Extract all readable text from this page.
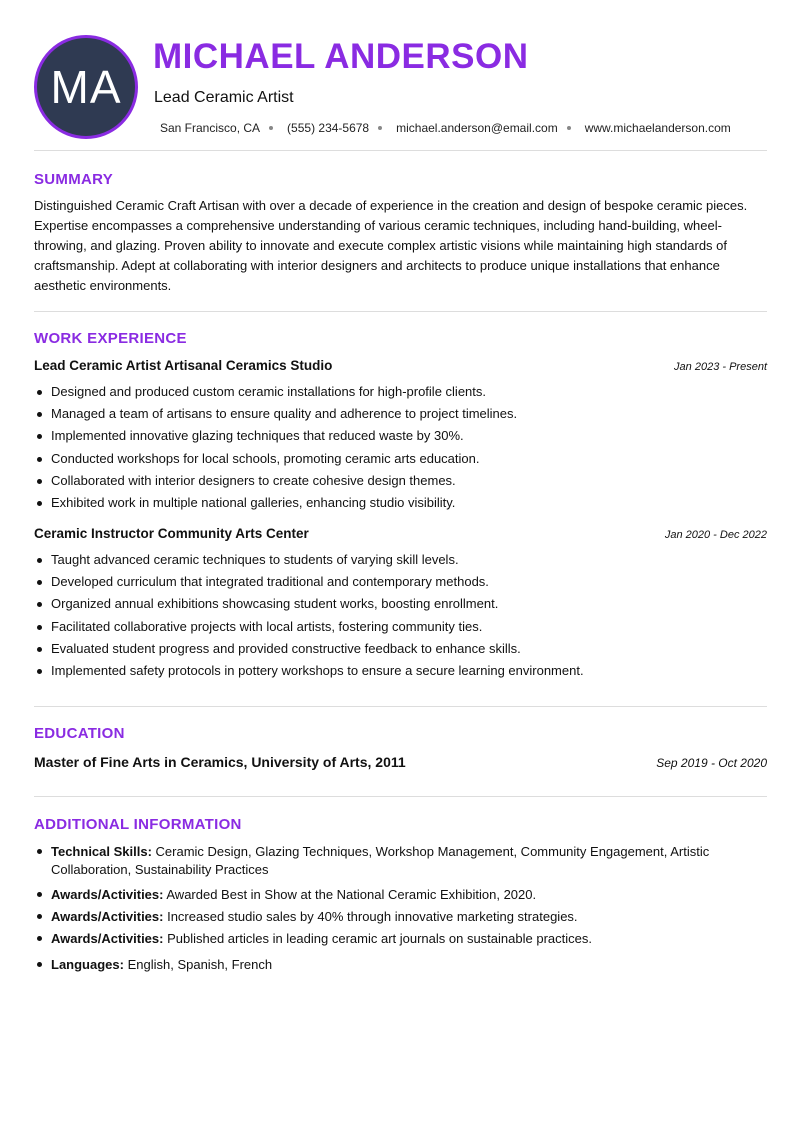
MA
MICHAEL ANDERSON
Lead Ceramic Artist
San Francisco, CA (555) 234-5678 michael.anderson@email.com www.michaelanderson.com
SUMMARY

Distinguished Ceramic Craft Artisan with over a decade of experience in the creation and design of bespoke ceramic pieces. Expertise encompasses a comprehensive understanding of various ceramic techniques, including hand-building, wheel-throwing, and glazing. Proven ability to innovate and execute complex artistic visions while maintaining high standards of craftsmanship. Adept at collaborating with interior designers and architects to produce unique installations that enhance aesthetic environments.

WORK EXPERIENCE
Lead Ceramic Artist Artisanal Ceramics Studio	Jan 2023 - Present
Designed and produced custom ceramic installations for high-profile clients.
Managed a team of artisans to ensure quality and adherence to project timelines.
Implemented innovative glazing techniques that reduced waste by 30%.
Conducted workshops for local schools, promoting ceramic arts education.
Collaborated with interior designers to create cohesive design themes.
Exhibited work in multiple national galleries, enhancing studio visibility.
Ceramic Instructor Community Arts Center	Jan 2020 - Dec 2022
Taught advanced ceramic techniques to students of varying skill levels.
Developed curriculum that integrated traditional and contemporary methods.
Organized annual exhibitions showcasing student works, boosting enrollment.
Facilitated collaborative projects with local artists, fostering community ties.
Evaluated student progress and provided constructive feedback to enhance skills.
Implemented safety protocols in pottery workshops to ensure a secure learning environment.
EDUCATION
Master of Fine Arts in Ceramics, University of Arts, 2011	Sep 2019 - Oct 2020
ADDITIONAL INFORMATION
Technical Skills: Ceramic Design, Glazing Techniques, Workshop Management, Community Engagement, Artistic Collaboration, Sustainability Practices
Awards/Activities: Awarded Best in Show at the National Ceramic Exhibition, 2020.
Awards/Activities: Increased studio sales by 40% through innovative marketing strategies.
Awards/Activities: Published articles in leading ceramic art journals on sustainable practices.
Languages: English, Spanish, French
